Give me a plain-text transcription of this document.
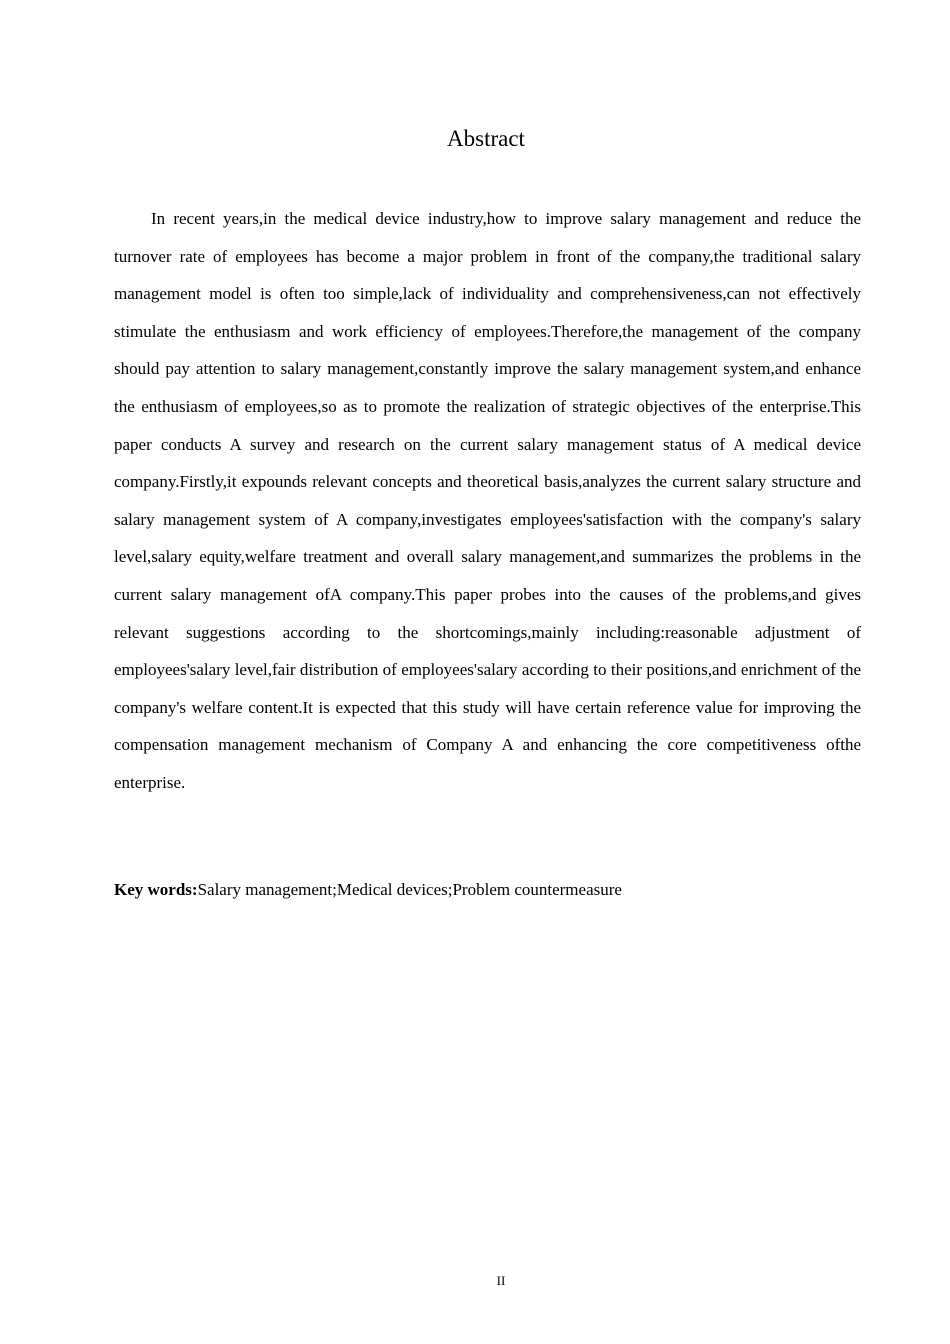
Abstract

In recent years,in the medical device industry,how to improve salary management and reduce the turnover rate of employees has become a major problem in front of the company,the traditional salary management model is often too simple,lack of individuality and comprehensiveness,can not effectively stimulate the enthusiasm and work efficiency of employees.Therefore,the management of the company should pay attention to salary management,constantly improve the salary management system,and enhance the enthusiasm of employees,so as to promote the realization of strategic objectives of the enterprise.This paper conducts A survey and research on the current salary management status of A medical device company.Firstly,it expounds relevant concepts and theoretical basis,analyzes the current salary structure and salary management system of A company,investigates employees'satisfaction with the company's salary level,salary equity,welfare treatment and overall salary management,and summarizes the problems in the current salary management ofA company.This paper probes into the causes of the problems,and gives relevant suggestions according to the shortcomings,mainly including:reasonable adjustment of employees'salary level,fair distribution of employees'salary according to their positions,and enrichment of the company's welfare content.It is expected that this study will have certain reference value for improving the compensation management mechanism of Company A and enhancing the core competitiveness ofthe enterprise.

Key words:Salary management;Medical devices;Problem countermeasure

II
